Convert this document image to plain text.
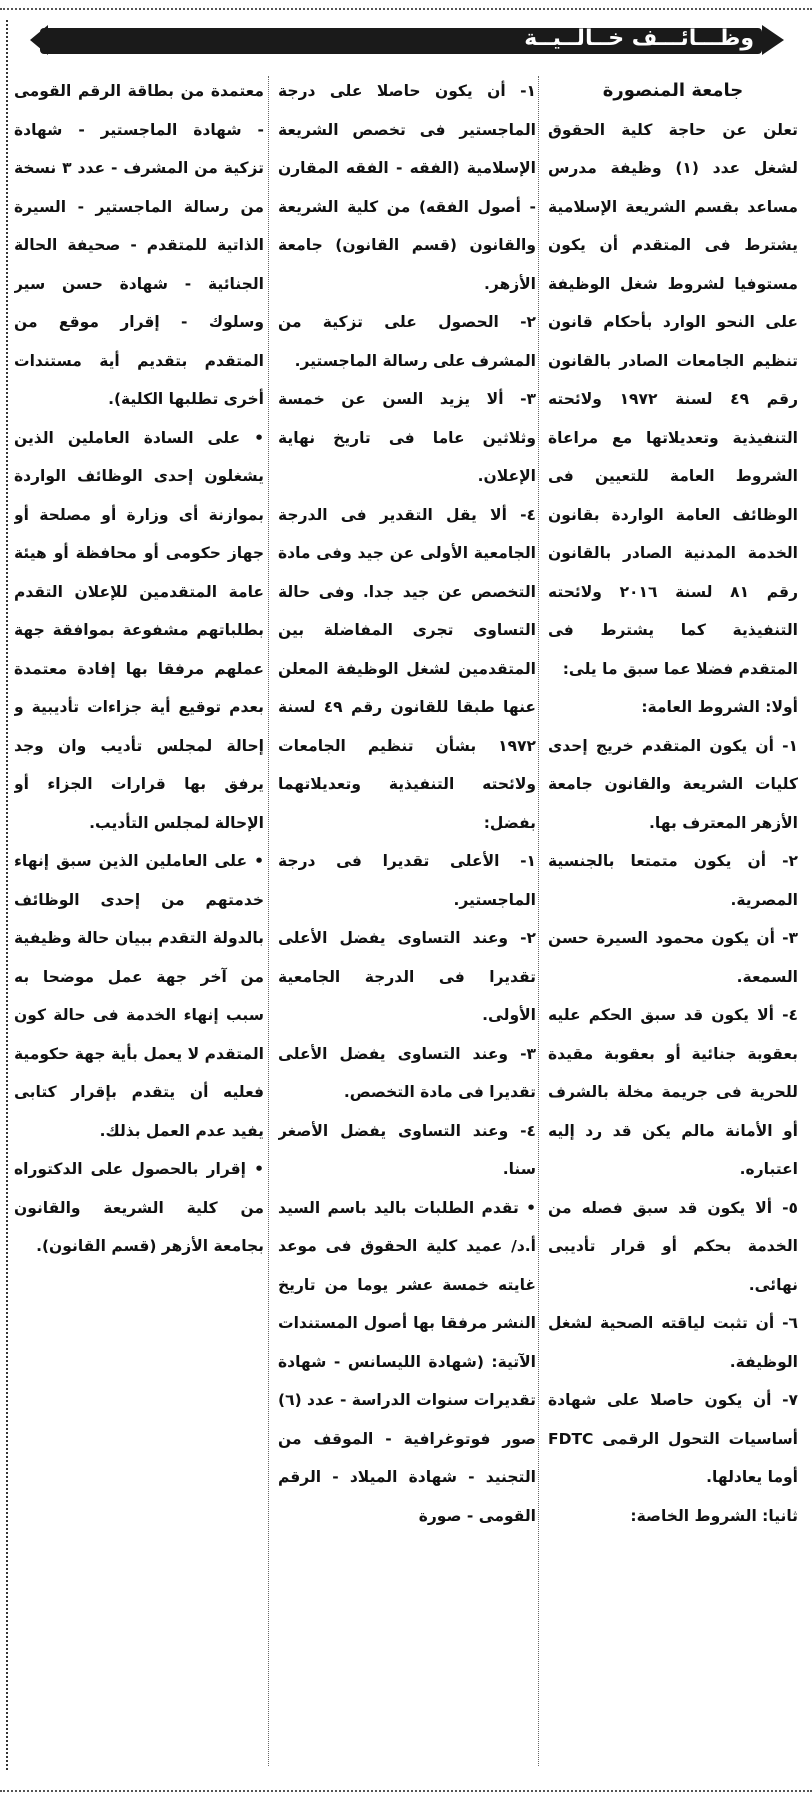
وظـــائـــف خــالــيــة

جامعة المنصورة

تعلن عن حاجة كلية الحقوق لشغل عدد (١) وظيفة مدرس مساعد بقسم الشريعة الإسلامية يشترط فى المتقدم أن يكون مستوفيا لشروط شغل الوظيفة على النحو الوارد بأحكام قانون تنظيم الجامعات الصادر بالقانون رقم ٤٩ لسنة ١٩٧٢ ولائحته التنفيذية وتعديلاتها مع مراعاة الشروط العامة للتعيين فى الوظائف العامة الواردة بقانون الخدمة المدنية الصادر بالقانون رقم ٨١ لسنة ٢٠١٦ ولائحته التنفيذية كما يشترط فى المتقدم فضلا عما سبق ما يلى:

أولا: الشروط العامة:

١- أن يكون المتقدم خريج إحدى كليات الشريعة والقانون جامعة الأزهر المعترف بها.

٢- أن يكون متمتعا بالجنسية المصرية.

٣- أن يكون محمود السيرة حسن السمعة.

٤- ألا يكون قد سبق الحكم عليه بعقوبة جنائية أو بعقوبة مقيدة للحرية فى جريمة مخلة بالشرف أو الأمانة مالم يكن قد رد إليه اعتباره.

٥- ألا يكون قد سبق فصله من الخدمة بحكم أو قرار تأديبى نهائى.

٦- أن تثبت لياقته الصحية لشغل الوظيفة.

٧- أن يكون حاصلا على شهادة أساسيات التحول الرقمى FDTC أوما يعادلها.

ثانيا: الشروط الخاصة:

١- أن يكون حاصلا على درجة الماجستير فى تخصص الشريعة الإسلامية (الفقه - الفقه المقارن - أصول الفقه) من كلية الشريعة والقانون (قسم القانون) جامعة الأزهر.

٢- الحصول على تزكية من المشرف على رسالة الماجستير.

٣- ألا يزيد السن عن خمسة وثلاثين عاما فى تاريخ نهاية الإعلان.

٤- ألا يقل التقدير فى الدرجة الجامعية الأولى عن جيد وفى مادة التخصص عن جيد جدا. وفى حالة التساوى تجرى المفاضلة بين المتقدمين لشغل الوظيفة المعلن عنها طبقا للقانون رقم ٤٩ لسنة ١٩٧٢ بشأن تنظيم الجامعات ولائحته التنفيذية وتعديلاتهما بفضل:

١- الأعلى تقديرا فى درجة الماجستير.

٢- وعند التساوى يفضل الأعلى تقديرا فى الدرجة الجامعية الأولى.

٣- وعند التساوى يفضل الأعلى تقديرا فى مادة التخصص.

٤- وعند التساوى يفضل الأصغر سنا.

• تقدم الطلبات باليد باسم السيد أ.د/ عميد كلية الحقوق فى موعد غايته خمسة عشر يوما من تاريخ النشر مرفقا بها أصول المستندات الآتية: (شهادة الليسانس - شهادة تقديرات سنوات الدراسة - عدد (٦) صور فوتوغرافية - الموقف من التجنيد - شهادة الميلاد - الرقم القومى - صورة

معتمدة من بطاقة الرقم القومى - شهادة الماجستير - شهادة تزكية من المشرف - عدد ٣ نسخة من رسالة الماجستير - السيرة الذاتية للمتقدم - صحيفة الحالة الجنائية - شهادة حسن سير وسلوك - إقرار موقع من المتقدم بتقديم أية مستندات أخرى تطلبها الكلية).

• على السادة العاملين الذين يشغلون إحدى الوظائف الواردة بموازنة أى وزارة أو مصلحة أو جهاز حكومى أو محافظة أو هيئة عامة المتقدمين للإعلان التقدم بطلباتهم مشفوعة بموافقة جهة عملهم مرفقا بها إفادة معتمدة بعدم توقيع أية جزاءات تأديبية و إحالة لمجلس تأديب وان وجد يرفق بها قرارات الجزاء أو الإحالة لمجلس التأديب.

• على العاملين الذين سبق إنهاء خدمتهم من إحدى الوظائف بالدولة التقدم ببيان حالة وظيفية من آخر جهة عمل موضحا به سبب إنهاء الخدمة فى حالة كون المتقدم لا يعمل بأية جهة حكومية فعليه أن يتقدم بإقرار كتابى يفيد عدم العمل بذلك.

• إقرار بالحصول على الدكتوراه من كلية الشريعة والقانون بجامعة الأزهر (قسم القانون).
